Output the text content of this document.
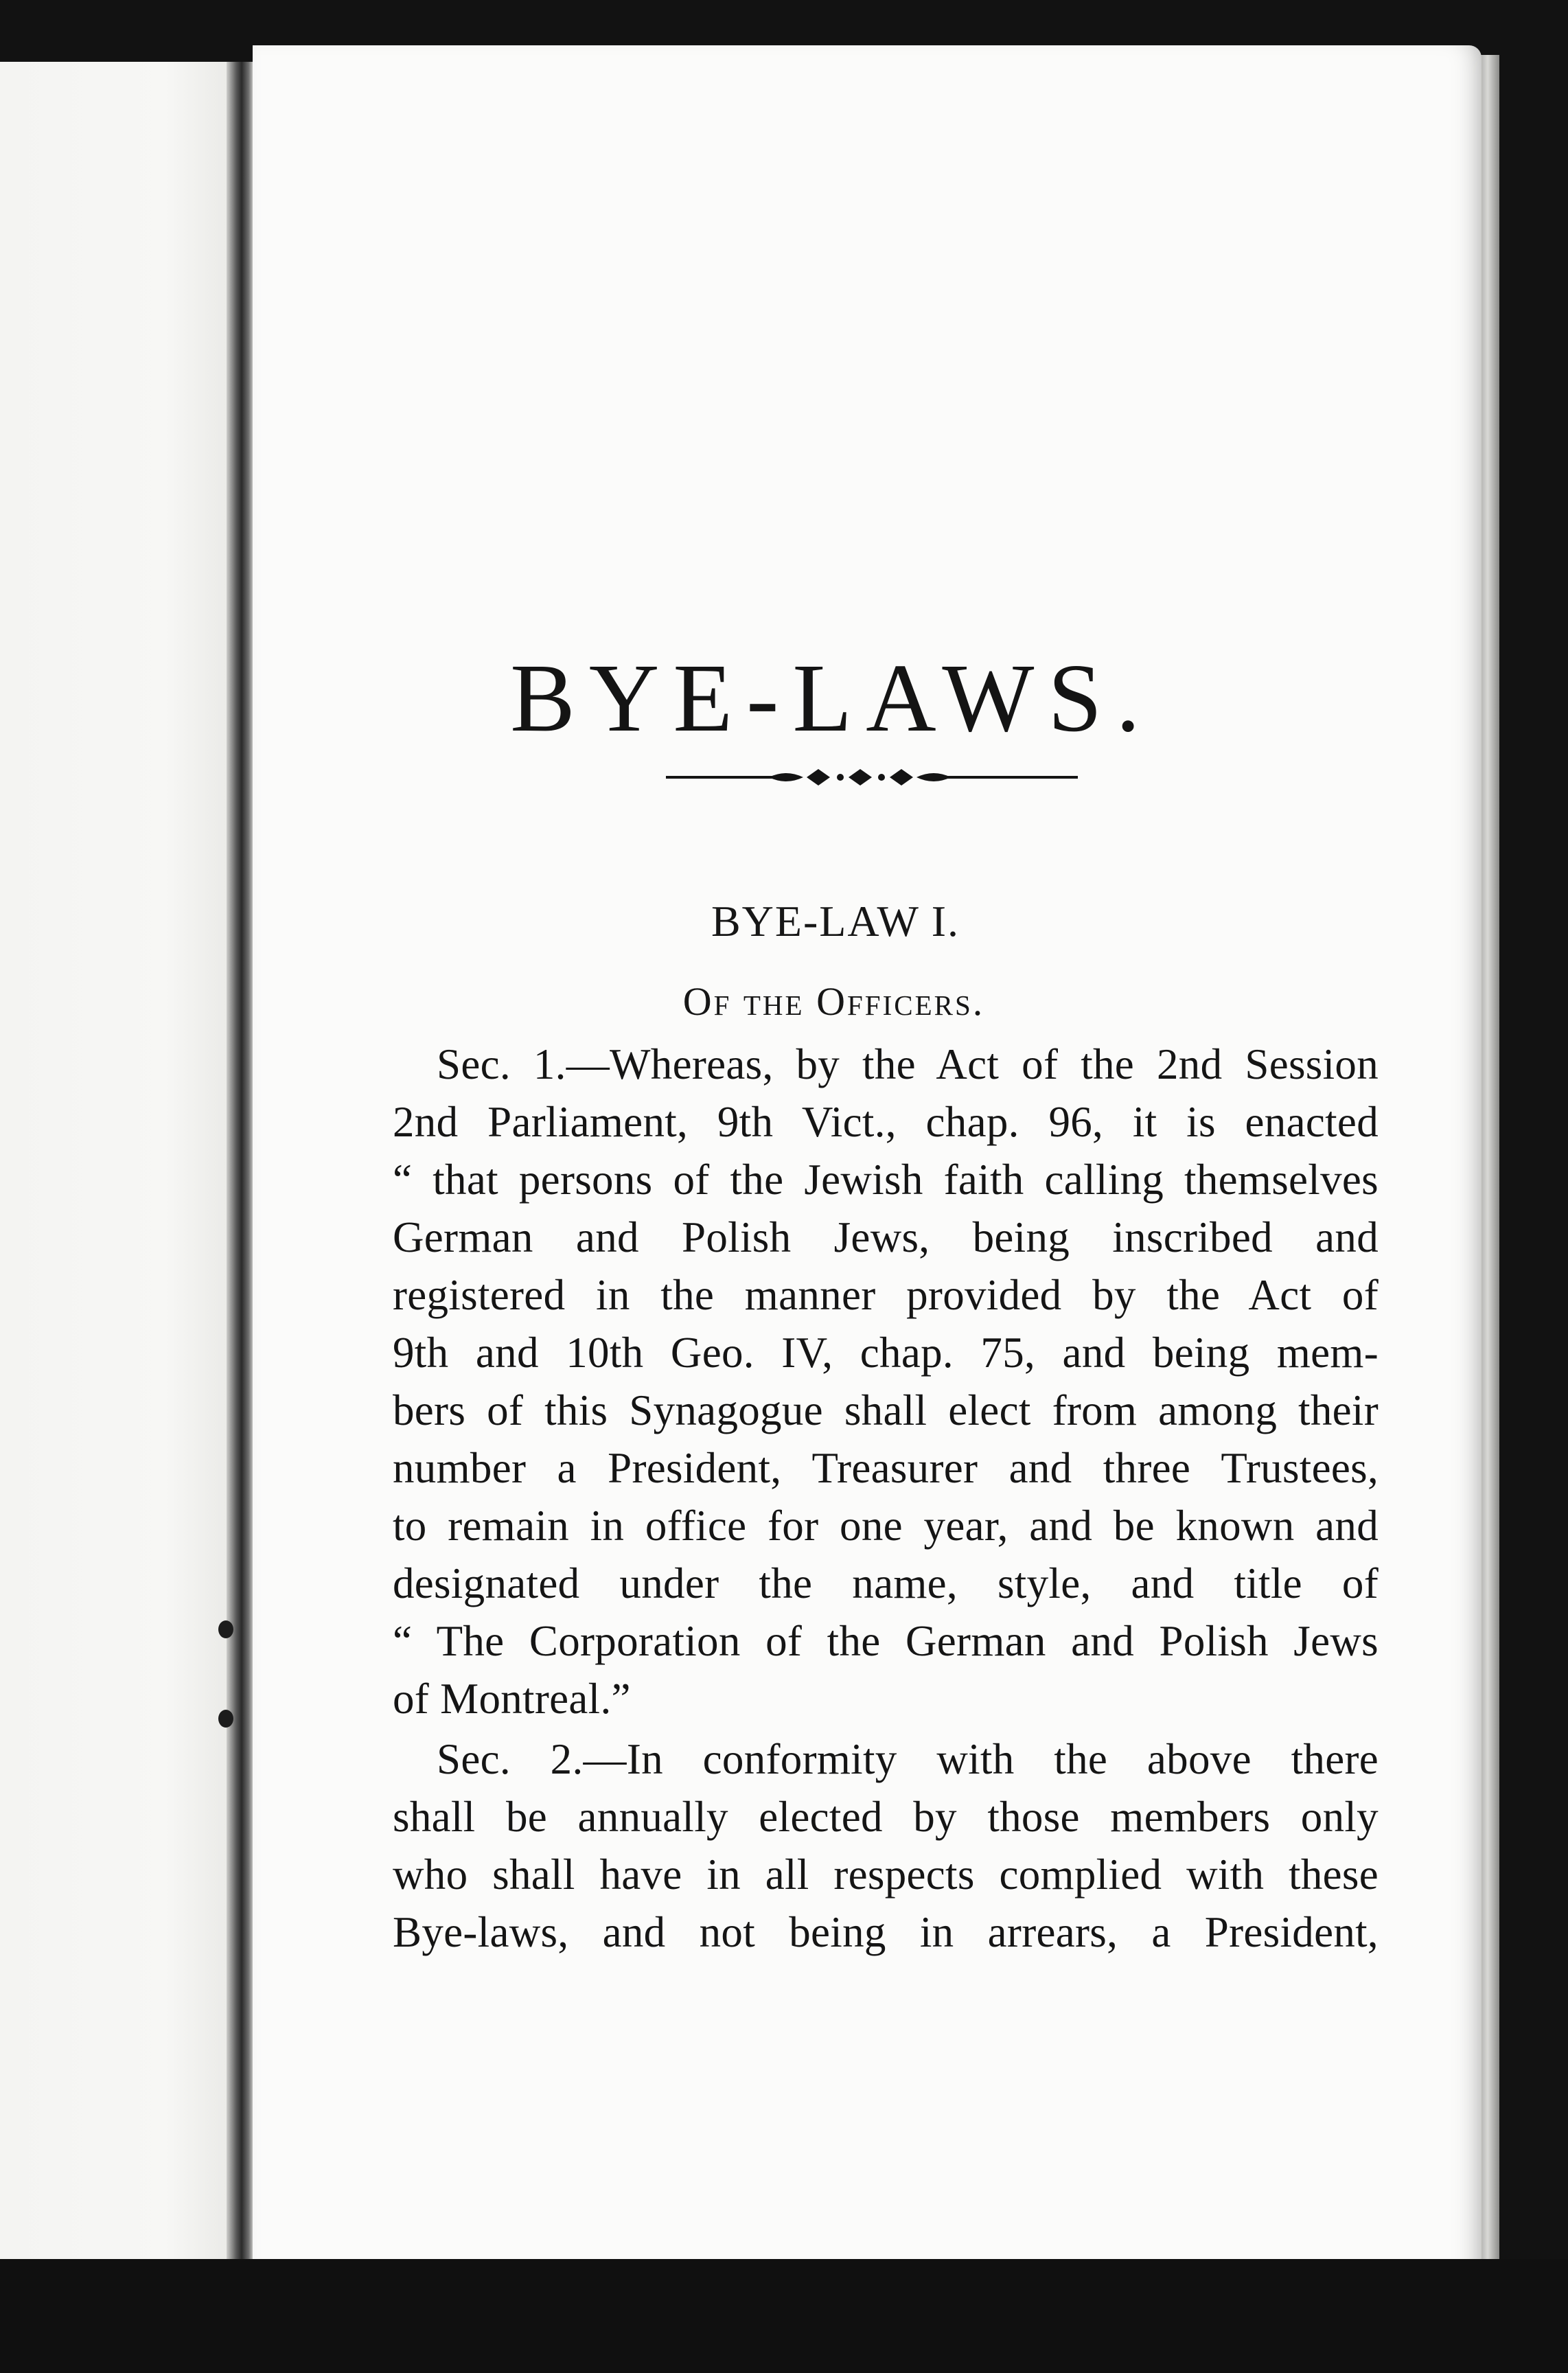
BYE-LAWS.
BYE-LAW I.
Of the Officers.

Sec. 1.—Whereas, by the Act of the 2nd Session
2nd Parliament, 9th Vict., chap. 96, it is enacted
“ that persons of the Jewish faith calling themselves
German and Polish Jews, being inscribed and
registered in the manner provided by the Act of
9th and 10th Geo. IV, chap. 75, and being mem-
bers of this Synagogue shall elect from among their
number a President, Treasurer and three Trustees,
to remain in office for one year, and be known and
designated under the name, style, and title of
“ The Corporation of the German and Polish Jews
of Montreal.”

Sec. 2.—In conformity with the above there
shall be annually elected by those members only
who shall have in all respects complied with these
Bye-laws, and not being in arrears, a President,
